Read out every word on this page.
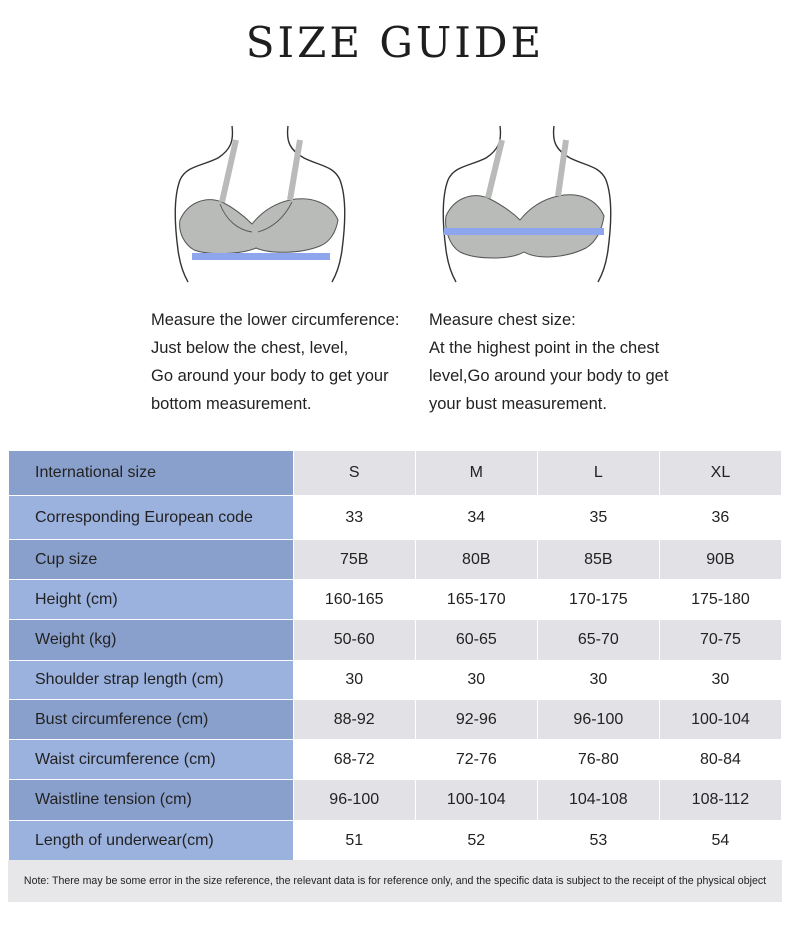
SIZE GUIDE
Measure the lower circumference:
Just below the chest, level,
Go around your body to get your
bottom measurement.
Measure chest size:
At the highest point in the chest
level,Go around your body to get
your bust measurement.
International size	S	M	L	XL
Corresponding European code	33	34	35	36
Cup size	75B	80B	85B	90B
Height (cm)	160-165	165-170	170-175	175-180
Weight (kg)	50-60	60-65	65-70	70-75
Shoulder strap length (cm)	30	30	30	30
Bust circumference (cm)	88-92	92-96	96-100	100-104
Waist circumference (cm)	68-72	72-76	76-80	80-84
Waistline tension (cm)	96-100	100-104	104-108	108-112
Length of underwear(cm)	51	52	53	54
Note: There may be some error in the size reference, the relevant data is for reference only, and the specific data is subject to the receipt of the physical object
